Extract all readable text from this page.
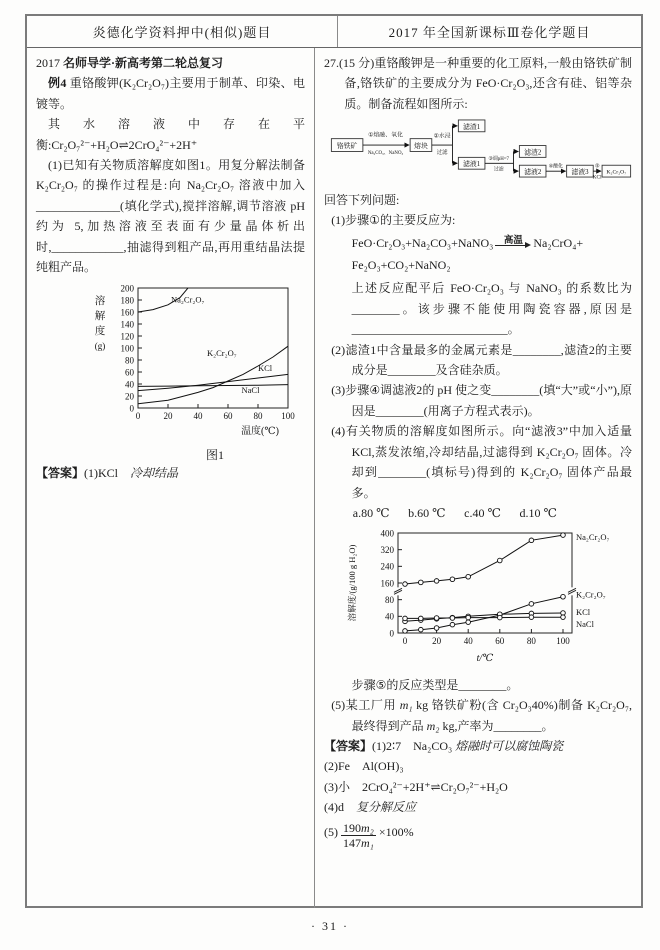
炎德化学资料押中(相似)题目	2017 年全国新课标Ⅲ卷化学题目

2017 名师导学·新高考第二轮总复习

例4 重铬酸钾(K₂Cr₂O₇)主要用于制革、印染、电镀等。

其水溶液中存在平衡:Cr₂O₇²⁻+H₂O⇌2CrO₄²⁻+2H⁺

(1)已知有关物质溶解度如图1。用复分解法制备 K₂Cr₂O₇ 的操作过程是:向 Na₂Cr₂O₇ 溶液中加入______________(填化学式),搅拌溶解,调节溶液 pH 约为 5,加热溶液至表面有少量晶体析出时,____________,抽滤得到粗产品,再用重结晶法提纯粗产品。

0
20
40
60
80
100
120
140
160
180
200
0	20 40 60 80 100
Na₂Cr₂O₇
K₂Cr₂O₇
KCl
NaCl
溶
解
度
(g)
温度(℃)
图1

【答案】(1)KCl 冷却结晶

27.(15 分)重铬酸钾是一种重要的化工原料,一般由铬铁矿制备,铬铁矿的主要成分为 FeO·Cr₂O₃,还含有硅、铝等杂质。制备流程如图所示:

铬铁矿	熔块
滤渣1
滤液1
滤渣2
滤液2	滤液3	K₂Cr₂O₇
①熔融、氧化
Na₂CO₃、NaNO₃
②水浸
过滤
③调pH=7
过滤
④酸化	⑤
KCl

回答下列问题:

(1)步骤①的主要反应为:

FeO·Cr₂O₃+Na₂CO₃+NaNO₃	高温 Na₂CrO₄+
Fe₂O₃+CO₂+NaNO₂

上述反应配平后 FeO·Cr₂O₃ 与 NaNO₃ 的系数比为________。该步骤不能使用陶瓷容器,原因是__________________________。

(2)滤渣1中含量最多的金属元素是________,滤渣2的主要成分是________及含硅杂质。

(3)步骤④调滤液2的 pH 使之变________(填“大”或“小”),原因是________(用离子方程式表示)。

(4)有关物质的溶解度如图所示。向“滤液3”中加入适量 KCl,蒸发浓缩,冷却结晶,过滤得到 K₂Cr₂O₇ 固体。冷却到________(填标号)得到的 K₂Cr₂O₇ 固体产品最多。

a.80 ℃ b.60 ℃ c.40 ℃ d.10 ℃

0
40
80
160
240
320
400
0	20	40	60	80 100
Na₂Cr₂O₇
K₂Cr₂O₇
KCl
NaCl
溶解度/(g/100 g H₂O)
t/℃

步骤⑤的反应类型是________。

(5)某工厂用 m₁ kg 铬铁矿粉(含 Cr₂O₃40%)制备 K₂Cr₂O₇,最终得到产品 m₂ kg,产率为________。

【答案】(1)2∶7 Na₂CO₃ 熔融时可以腐蚀陶瓷

(2)Fe Al(OH)₃

(3)小 2CrO₄²⁻+2H⁺⇌Cr₂O₇²⁻+H₂O

(4)d 复分解反应

$(5) \frac{\text{190m₂}}{\text{147m₁}} \times 100\%$

· 31 ·
